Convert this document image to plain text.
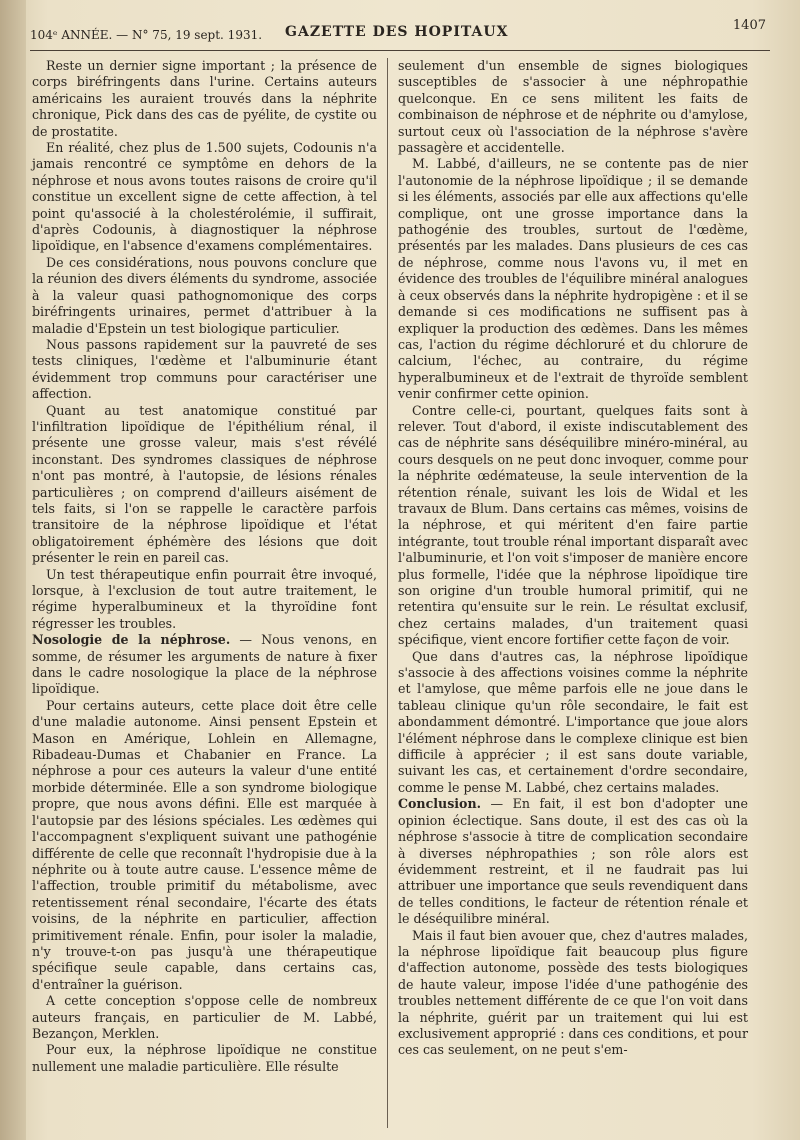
104ᵉ ANNÉE. — N° 75, 19 sept. 1931. GAZETTE DES HOPITAUX	1407

Reste un dernier signe important ; la présence de corps biréfringents dans l'urine. Certains auteurs américains les auraient trouvés dans la néphrite chronique, Pick dans des cas de pyélite, de cystite ou de prostatite.

En réalité, chez plus de 1.500 sujets, Codounis n'a jamais rencontré ce symptôme en dehors de la néphrose et nous avons toutes raisons de croire qu'il constitue un excellent signe de cette affection, à tel point qu'associé à la cholestérolémie, il suffirait, d'après Codounis, à diagnostiquer la néphrose lipoïdique, en l'absence d'examens complémentaires.

De ces considérations, nous pouvons conclure que la réunion des divers éléments du syndrome, associée à la valeur quasi pathognomonique des corps biréfringents urinaires, permet d'attribuer à la maladie d'Epstein un test biologique particulier.

Nous passons rapidement sur la pauvreté de ses tests cliniques, l'œdème et l'albuminurie étant évidemment trop communs pour caractériser une affection.

Quant au test anatomique constitué par l'infiltration lipoïdique de l'épithélium rénal, il présente une grosse valeur, mais s'est révélé inconstant. Des syndromes classiques de néphrose n'ont pas montré, à l'autopsie, de lésions rénales particulières ; on comprend d'ailleurs aisément de tels faits, si l'on se rappelle le caractère parfois transitoire de la néphrose lipoïdique et l'état obligatoirement éphémère des lésions que doit présenter le rein en pareil cas.

Un test thérapeutique enfin pourrait être invoqué, lorsque, à l'exclusion de tout autre traitement, le régime hyperalbumineux et la thyroïdine font régresser les troubles.

Nosologie de la néphrose. — Nous venons, en somme, de résumer les arguments de nature à fixer dans le cadre nosologique la place de la néphrose lipoïdique.

Pour certains auteurs, cette place doit être celle d'une maladie autonome. Ainsi pensent Epstein et Mason en Amérique, Lohlein en Allemagne, Ribadeau-Dumas et Chabanier en France. La néphrose a pour ces auteurs la valeur d'une entité morbide déterminée. Elle a son syndrome biologique propre, que nous avons défini. Elle est marquée à l'autopsie par des lésions spéciales. Les œdèmes qui l'accompagnent s'expliquent suivant une pathogénie différente de celle que reconnaît l'hydropisie due à la néphrite ou à toute autre cause. L'essence même de l'affection, trouble primitif du métabolisme, avec retentissement rénal secondaire, l'écarte des états voisins, de la néphrite en particulier, affection primitivement rénale. Enfin, pour isoler la maladie, n'y trouve-t-on pas jusqu'à une thérapeutique spécifique seule capable, dans certains cas, d'entraîner la guérison.

A cette conception s'oppose celle de nombreux auteurs français, en particulier de M. Labbé, Bezançon, Merklen.

Pour eux, la néphrose lipoïdique ne constitue nullement une maladie particulière. Elle résulte

seulement d'un ensemble de signes biologiques susceptibles de s'associer à une néphropathie quelconque. En ce sens militent les faits de combinaison de néphrose et de néphrite ou d'amylose, surtout ceux où l'association de la néphrose s'avère passagère et accidentelle.

M. Labbé, d'ailleurs, ne se contente pas de nier l'autonomie de la néphrose lipoïdique ; il se demande si les éléments, associés par elle aux affections qu'elle complique, ont une grosse importance dans la pathogénie des troubles, surtout de l'œdème, présentés par les malades. Dans plusieurs de ces cas de néphrose, comme nous l'avons vu, il met en évidence des troubles de l'équilibre minéral analogues à ceux observés dans la néphrite hydropigène : et il se demande si ces modifications ne suffisent pas à expliquer la production des œdèmes. Dans les mêmes cas, l'action du régime déchloruré et du chlorure de calcium, l'échec, au contraire, du régime hyperalbumineux et de l'extrait de thyroïde semblent venir confirmer cette opinion.

Contre celle-ci, pourtant, quelques faits sont à relever. Tout d'abord, il existe indiscutablement des cas de néphrite sans déséquilibre minéro-minéral, au cours desquels on ne peut donc invoquer, comme pour la néphrite œdémateuse, la seule intervention de la rétention rénale, suivant les lois de Widal et les travaux de Blum. Dans certains cas mêmes, voisins de la néphrose, et qui méritent d'en faire partie intégrante, tout trouble rénal important disparaît avec l'albuminurie, et l'on voit s'imposer de manière encore plus formelle, l'idée que la néphrose lipoïdique tire son origine d'un trouble humoral primitif, qui ne retentira qu'ensuite sur le rein. Le résultat exclusif, chez certains malades, d'un traitement quasi spécifique, vient encore fortifier cette façon de voir.

Que dans d'autres cas, la néphrose lipoïdique s'associe à des affections voisines comme la néphrite et l'amylose, que même parfois elle ne joue dans le tableau clinique qu'un rôle secondaire, le fait est abondamment démontré. L'importance que joue alors l'élément néphrose dans le complexe clinique est bien difficile à apprécier ; il est sans doute variable, suivant les cas, et certainement d'ordre secondaire, comme le pense M. Labbé, chez certains malades.

Conclusion. — En fait, il est bon d'adopter une opinion éclectique. Sans doute, il est des cas où la néphrose s'associe à titre de complication secondaire à diverses néphropathies ; son rôle alors est évidemment restreint, et il ne faudrait pas lui attribuer une importance que seuls revendiquent dans de telles conditions, le facteur de rétention rénale et le déséquilibre minéral.

Mais il faut bien avouer que, chez d'autres malades, la néphrose lipoïdique fait beaucoup plus figure d'affection autonome, possède des tests biologiques de haute valeur, impose l'idée d'une pathogénie des troubles nettement différente de ce que l'on voit dans la néphrite, guérit par un traitement qui lui est exclusivement approprié : dans ces conditions, et pour ces cas seulement, on ne peut s'em-
